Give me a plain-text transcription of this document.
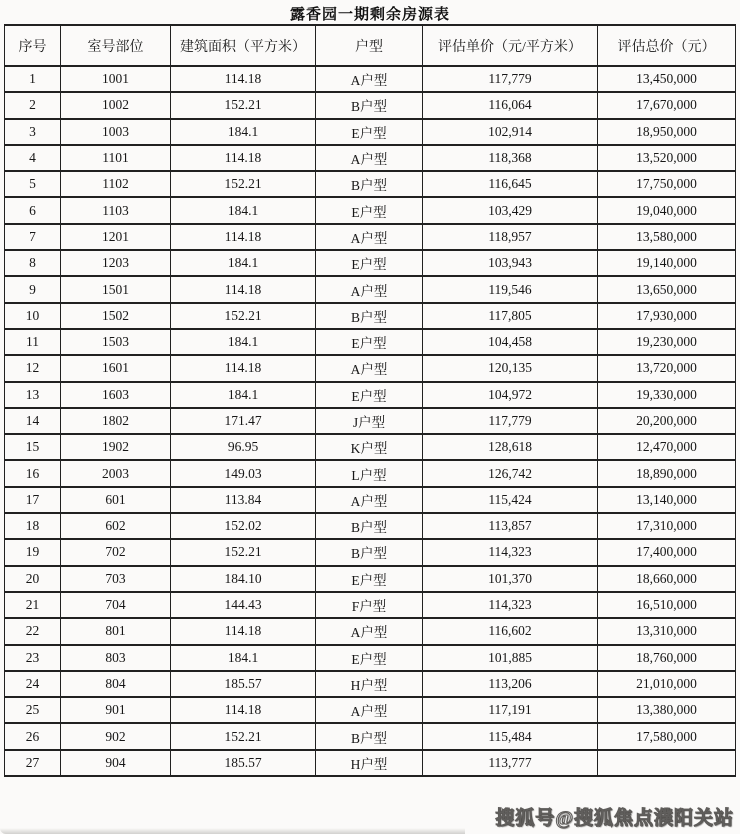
露香园一期剩余房源表
序号	室号部位	建筑面积（平方米）	户型	评估单价（元/平方米）	评估总价（元）
1	1001	114.18	A户型	117,779	13,450,000
2	1002	152.21	B户型	116,064	17,670,000
3	1003	184.1	E户型	102,914	18,950,000
4	1101	114.18	A户型	118,368	13,520,000
5	1102	152.21	B户型	116,645	17,750,000
6	1103	184.1	E户型	103,429	19,040,000
7	1201	114.18	A户型	118,957	13,580,000
8	1203	184.1	E户型	103,943	19,140,000
9	1501	114.18	A户型	119,546	13,650,000
10	1502	152.21	B户型	117,805	17,930,000
11	1503	184.1	E户型	104,458	19,230,000
12	1601	114.18	A户型	120,135	13,720,000
13	1603	184.1	E户型	104,972	19,330,000
14	1802	171.47	J户型	117,779	20,200,000
15	1902	96.95	K户型	128,618	12,470,000
16	2003	149.03	L户型	126,742	18,890,000
17	601	113.84	A户型	115,424	13,140,000
18	602	152.02	B户型	113,857	17,310,000
19	702	152.21	B户型	114,323	17,400,000
20	703	184.10	E户型	101,370	18,660,000
21	704	144.43	F户型	114,323	16,510,000
22	801	114.18	A户型	116,602	13,310,000
23	803	184.1	E户型	101,885	18,760,000
24	804	185.57	H户型	113,206	21,010,000
25	901	114.18	A户型	117,191	13,380,000
26	902	152.21	B户型	115,484	17,580,000
27	904	185.57	H户型	113,777	
搜狐号@搜狐焦点濮阳关站
